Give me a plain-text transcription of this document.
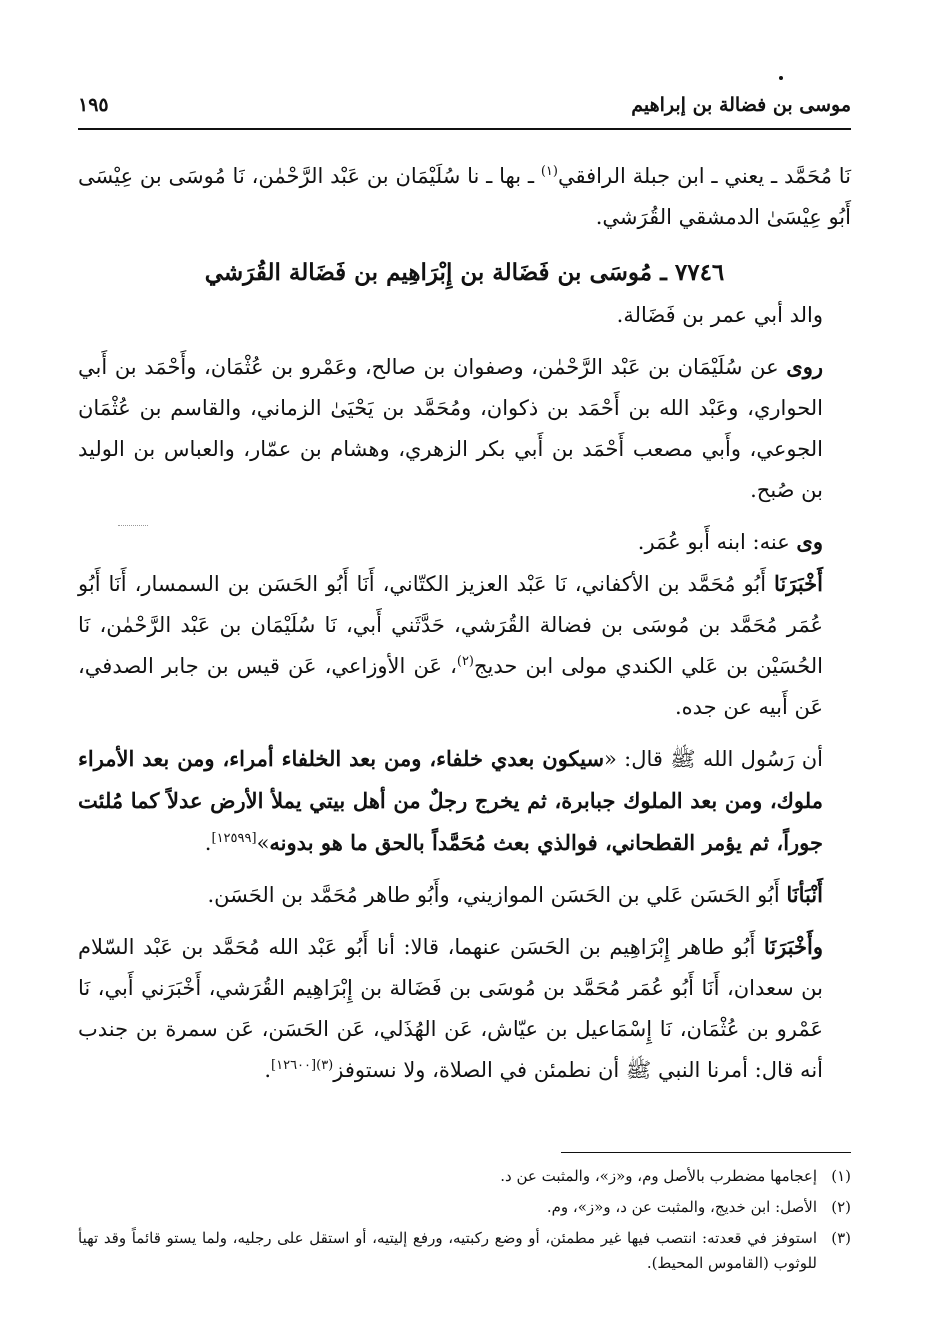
موسى بن فضالة بن إبراهيم
١٩٥

نَا مُحَمَّد ـ يعني ـ ابن جبلة الرافقي$^{(١)}$ ـ بها ـ نا سُلَيْمَان بن عَبْد الرَّحْمٰن، نَا مُوسَى بن عِيْسَى أَبُو عِيْسَىٰ الدمشقي القُرَشي.

٧٧٤٦ ـ مُوسَى بن فَضَالة بن إِبْرَاهِيم بن فَضَالة القُرَشي

والد أبي عمر بن فَضَالة.

روى عن سُلَيْمَان بن عَبْد الرَّحْمٰن، وصفوان بن صالح، وعَمْرو بن عُثْمَان، وأَحْمَد بن أَبي الحواري، وعَبْد الله بن أَحْمَد بن ذكوان، ومُحَمَّد بن يَحْيَىٰ الزماني، والقاسم بن عُثْمَان الجوعي، وأَبي مصعب أَحْمَد بن أَبي بكر الزهري، وهشام بن عمّار، والعباس بن الوليد بن صُبح.

وى عنه: ابنه أَبو عُمَر.

أَخْبَرَنَا أَبُو مُحَمَّد بن الأكفاني، نَا عَبْد العزيز الكتّاني، أَنَا أَبُو الحَسَن بن السمسار، أَنَا أَبُو عُمَر مُحَمَّد بن مُوسَى بن فضالة القُرَشي، حَدَّثَني أَبي، نَا سُلَيْمَان بن عَبْد الرَّحْمٰن، نَا الحُسَيْن بن عَلي الكندي مولى ابن حديج$^{(٢)}$، عَن الأوزاعي، عَن قيس بن جابر الصدفي، عَن أَبيه عن جده.

أن رَسُول الله ﷺ قال: «سيكون بعدي خلفاء، ومن بعد الخلفاء أمراء، ومن بعد الأمراء ملوك، ومن بعد الملوك جبابرة، ثم يخرج رجلٌ من أهل بيتي يملأ الأرض عدلاً كما مُلئت جوراً، ثم يؤمر القطحاني، فوالذي بعث مُحَمَّداً بالحق ما هو بدونه»[١٢٥٩٩].

أَنْبَأنَا أَبُو الحَسَن عَلي بن الحَسَن الموازيني، وأَبُو طاهر مُحَمَّد بن الحَسَن.

وأَخْبَرَنَا أَبُو طاهر إِبْرَاهِيم بن الحَسَن عنهما، قالا: أنا أَبُو عَبْد الله مُحَمَّد بن عَبْد السّلام بن سعدان، أَنَا أَبُو عُمَر مُحَمَّد بن مُوسَى بن فَضَالة بن إِبْرَاهِيم القُرَشي، أَخْبَرَني أَبي، نَا عَمْرو بن عُثْمَان، نَا إِسْمَاعيل بن عيّاش، عَن الهُذَلي، عَن الحَسَن، عَن سمرة بن جندب أنه قال: أمرنا النبي ﷺ أن نطمئن في الصلاة، ولا نستوفز$^{(٣)[١٢٦٠٠]}$.

(١)
إعجامها مضطرب بالأصل وم، و«ز»، والمثبت عن د.
(٢)
الأصل: ابن خديج، والمثبت عن د، و«ز»، وم.
(٣)
استوفز في قعدته: انتصب فيها غير مطمئن، أو وضع ركبتيه، ورفع إليتيه، أو استقل على رجليه، ولما يستو قائماً وقد تهيأ للوثوب (القاموس المحيط).
